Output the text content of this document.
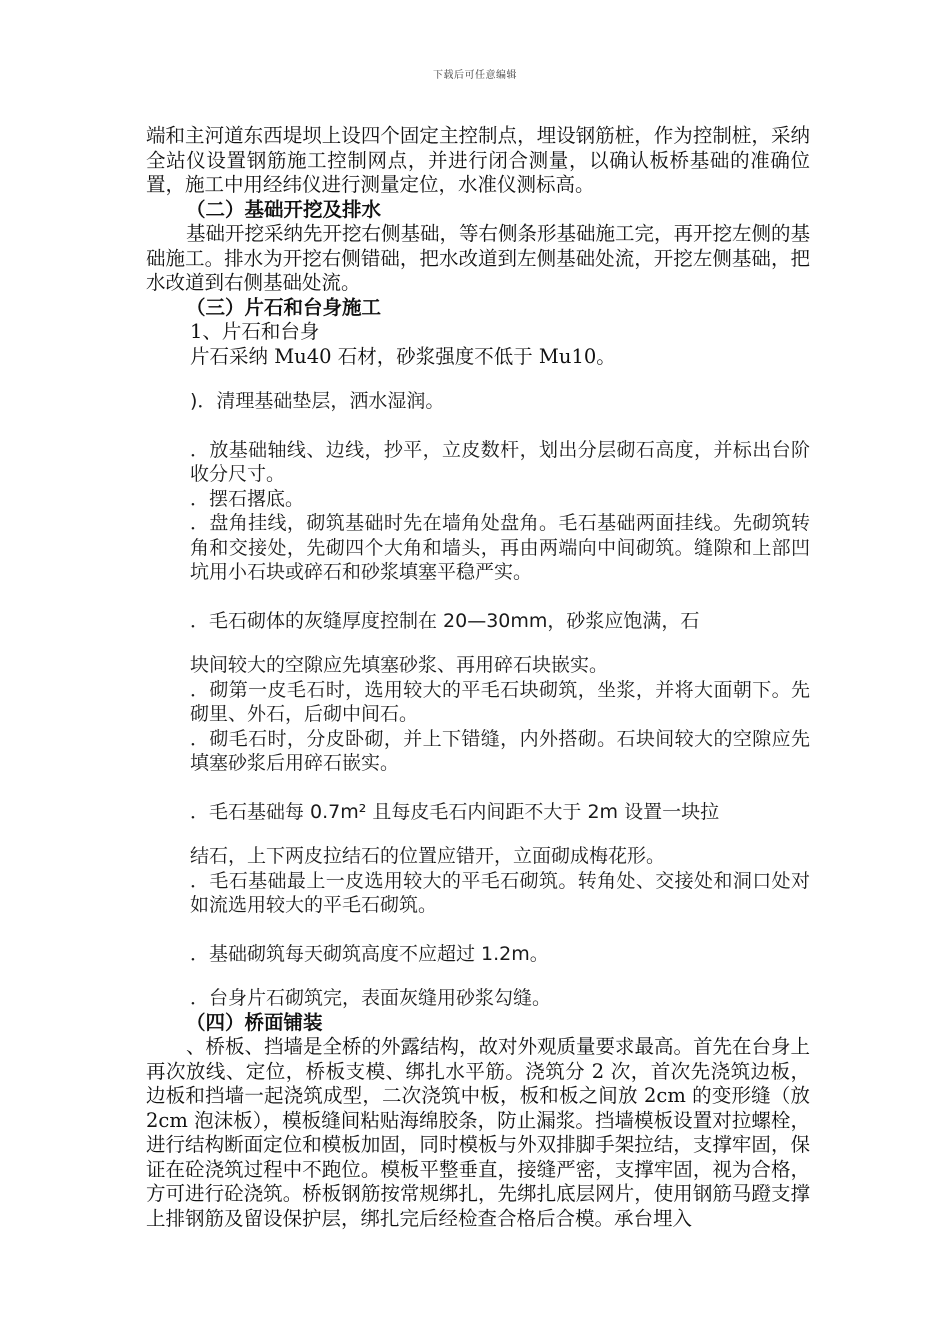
下载后可任意编辑

端和主河道东西堤坝上设四个固定主控制点，埋设钢筋桩，作为控制桩，采纳全站仪设置钢筋施工控制网点，并进行闭合测量，以确认板桥基础的准确位置，施工中用经纬仪进行测量定位，水准仪测标高。

（二）基础开挖及排水

基础开挖采纳先开挖右侧基础，等右侧条形基础施工完，再开挖左侧的基础施工。排水为开挖右侧错础，把水改道到左侧基础处流，开挖左侧基础，把水改道到右侧基础处流。

（三）片石和台身施工

1、片石和台身

片石采纳 Mu40 石材，砂浆强度不低于 Mu10。

)．清理基础垫层，洒水湿润。

．放基础轴线、边线，抄平，立皮数杆，划出分层砌石高度，并标出台阶收分尺寸。

．摆石撂底。

．盘角挂线，砌筑基础时先在墙角处盘角。毛石基础两面挂线。先砌筑转角和交接处，先砌四个大角和墙头，再由两端向中间砌筑。缝隙和上部凹坑用小石块或碎石和砂浆填塞平稳严实。

．毛石砌体的灰缝厚度控制在 20—30mm，砂浆应饱满，石

块间较大的空隙应先填塞砂浆、再用碎石块嵌实。

．砌第一皮毛石时，选用较大的平毛石块砌筑，坐浆，并将大面朝下。先砌里、外石，后砌中间石。

．砌毛石时，分皮卧砌，并上下错缝，内外搭砌。石块间较大的空隙应先填塞砂浆后用碎石嵌实。

．毛石基础每 0.7m² 且每皮毛石内间距不大于 2m 设置一块拉

结石，上下两皮拉结石的位置应错开，立面砌成梅花形。

．毛石基础最上一皮选用较大的平毛石砌筑。转角处、交接处和洞口处对如流选用较大的平毛石砌筑。

．基础砌筑每天砌筑高度不应超过 1.2m。

．台身片石砌筑完，表面灰缝用砂浆勾缝。

（四）桥面铺装

、桥板、挡墙是全桥的外露结构，故对外观质量要求最高。首先在台身上再次放线、定位，桥板支模、绑扎水平筋。浇筑分 2 次，首次先浇筑边板，边板和挡墙一起浇筑成型，二次浇筑中板，板和板之间放 2cm 的变形缝（放 2cm 泡沫板），模板缝间粘贴海绵胶条，防止漏浆。挡墙模板设置对拉螺栓，进行结构断面定位和模板加固，同时模板与外双排脚手架拉结，支撑牢固，保证在砼浇筑过程中不跑位。模板平整垂直，接缝严密，支撑牢固，视为合格，方可进行砼浇筑。桥板钢筋按常规绑扎，先绑扎底层网片，使用钢筋马蹬支撑上排钢筋及留设保护层，绑扎完后经检查合格后合模。承台埋入
